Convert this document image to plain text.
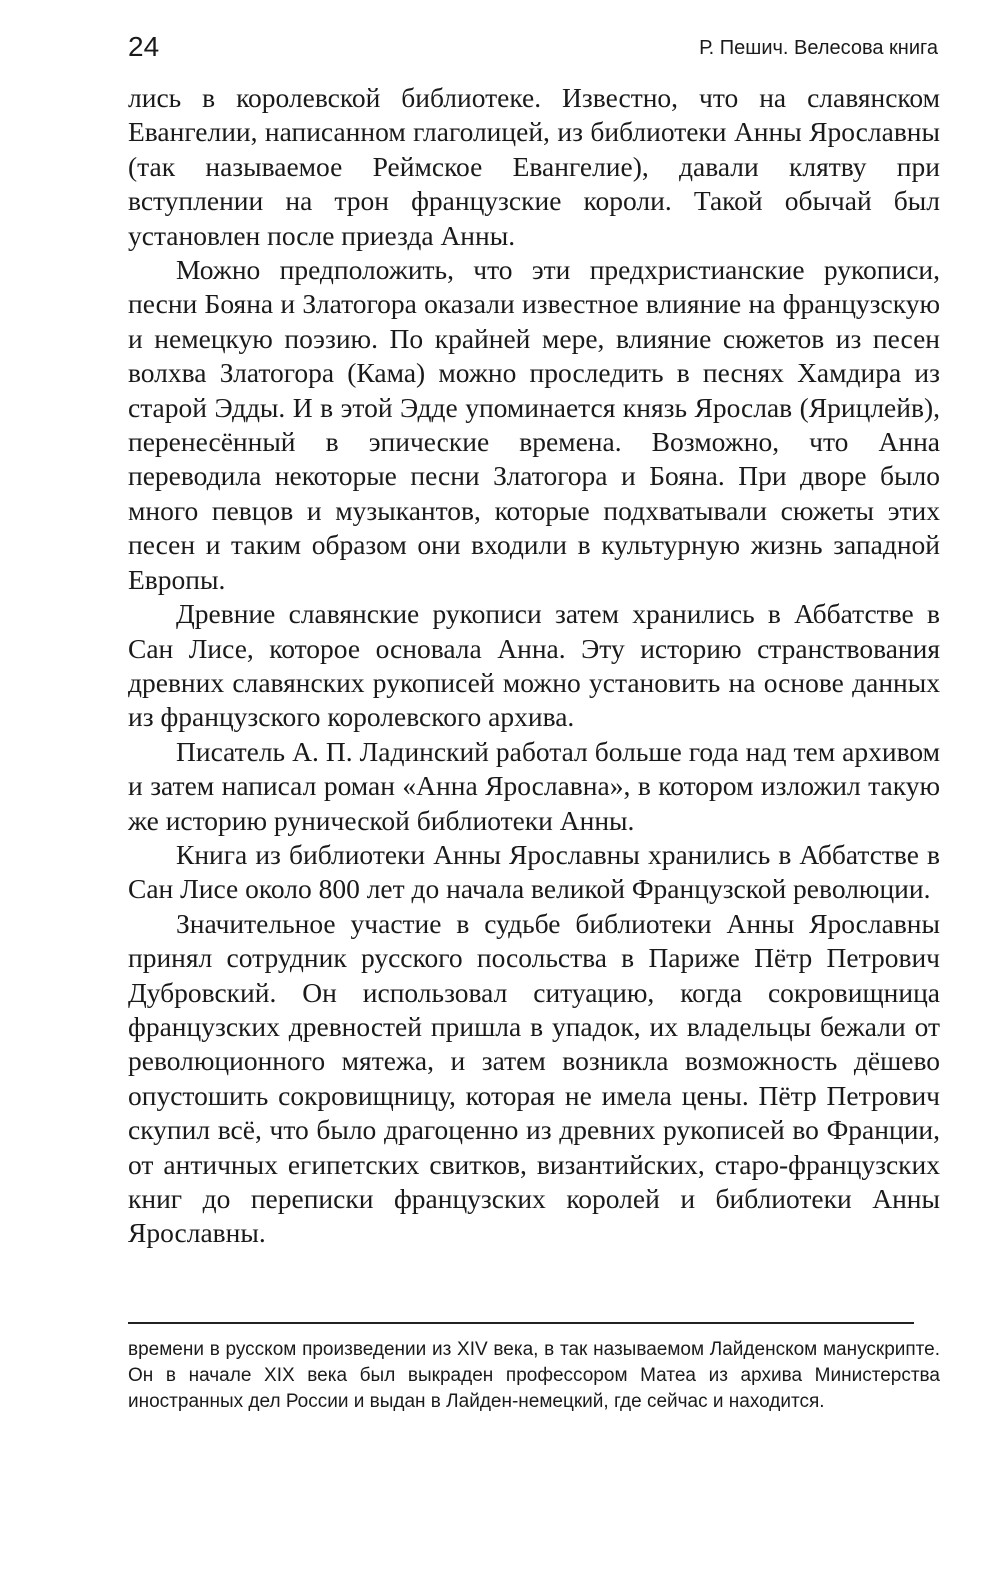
24	Р. Пешич. Велесова книга

лись в королевской библиотеке. Известно, что на славянском Евангелии, написанном глаголицей, из библиотеки Анны Ярославны (так называемое Реймское Евангелие), давали клятву при вступлении на трон французские короли. Такой обычай был установлен после приезда Анны.

Можно предположить, что эти предхристианские рукописи, песни Бояна и Златогора оказали известное влияние на французскую и немецкую поэзию. По крайней мере, влияние сюжетов из песен волхва Златогора (Кама) можно проследить в песнях Хамдира из старой Эдды. И в этой Эдде упоминается князь Ярослав (Ярицлейв), перенесённый в эпические времена. Возможно, что Анна переводила некоторые песни Златогора и Бояна. При дворе было много певцов и музыкантов, которые подхватывали сюжеты этих песен и таким образом они входили в культурную жизнь западной Европы.

Древние славянские рукописи затем хранились в Аббатстве в Сан Лисе, которое основала Анна. Эту историю странствования древних славянских рукописей можно установить на основе данных из французского королевского архива.

Писатель А. П. Ладинский работал больше года над тем архивом и затем написал роман «Анна Ярославна», в котором изложил такую же историю рунической библиотеки Анны.

Книга из библиотеки Анны Ярославны хранились в Аббатстве в Сан Лисе около 800 лет до начала великой Французской революции.

Значительное участие в судьбе библиотеки Анны Ярославны принял сотрудник русского посольства в Париже Пётр Петрович Дубровский. Он использовал ситуацию, когда сокровищница французских древностей пришла в упадок, их владельцы бежали от революционного мятежа, и затем возникла возможность дёшево опустошить сокровищницу, которая не имела цены. Пётр Петрович скупил всё, что было драгоценно из древних рукописей во Франции, от античных египетских свитков, византийских, старо-французских книг до переписки французских королей и библиотеки Анны Ярославны.

времени в русском произведении из XIV века, в так называемом Лайденском манускрипте. Он в начале XIX века был выкраден профессором Матеа из архива Министерства иностранных дел России и выдан в Лайден-немецкий, где сейчас и находится.
